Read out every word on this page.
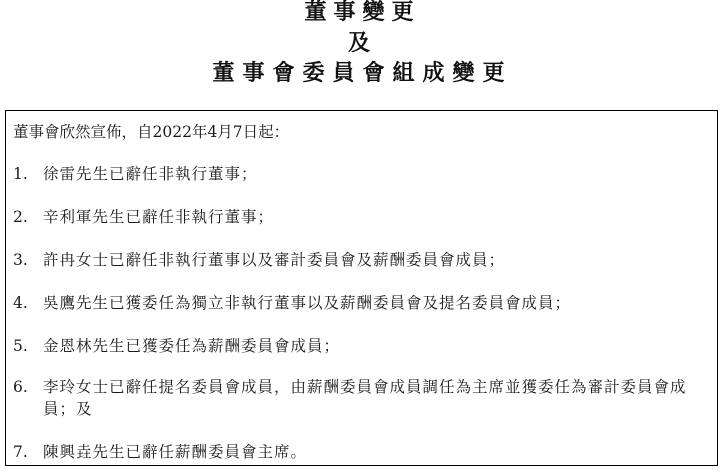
董事變更
及
董事會委員會組成變更
董事會欣然宣佈，自2022年4月7日起：
1. 徐雷先生已辭任非執行董事；
2. 辛利軍先生已辭任非執行董事；
3. 許冉女士已辭任非執行董事以及審計委員會及薪酬委員會成員；
4. 吳鷹先生已獲委任為獨立非執行董事以及薪酬委員會及提名委員會成員；
5. 金恩林先生已獲委任為薪酬委員會成員；
6. 李玲女士已辭任提名委員會成員，由薪酬委員會成員調任為主席並獲委任為審計委員會成員；及
7. 陳興垚先生已辭任薪酬委員會主席。
